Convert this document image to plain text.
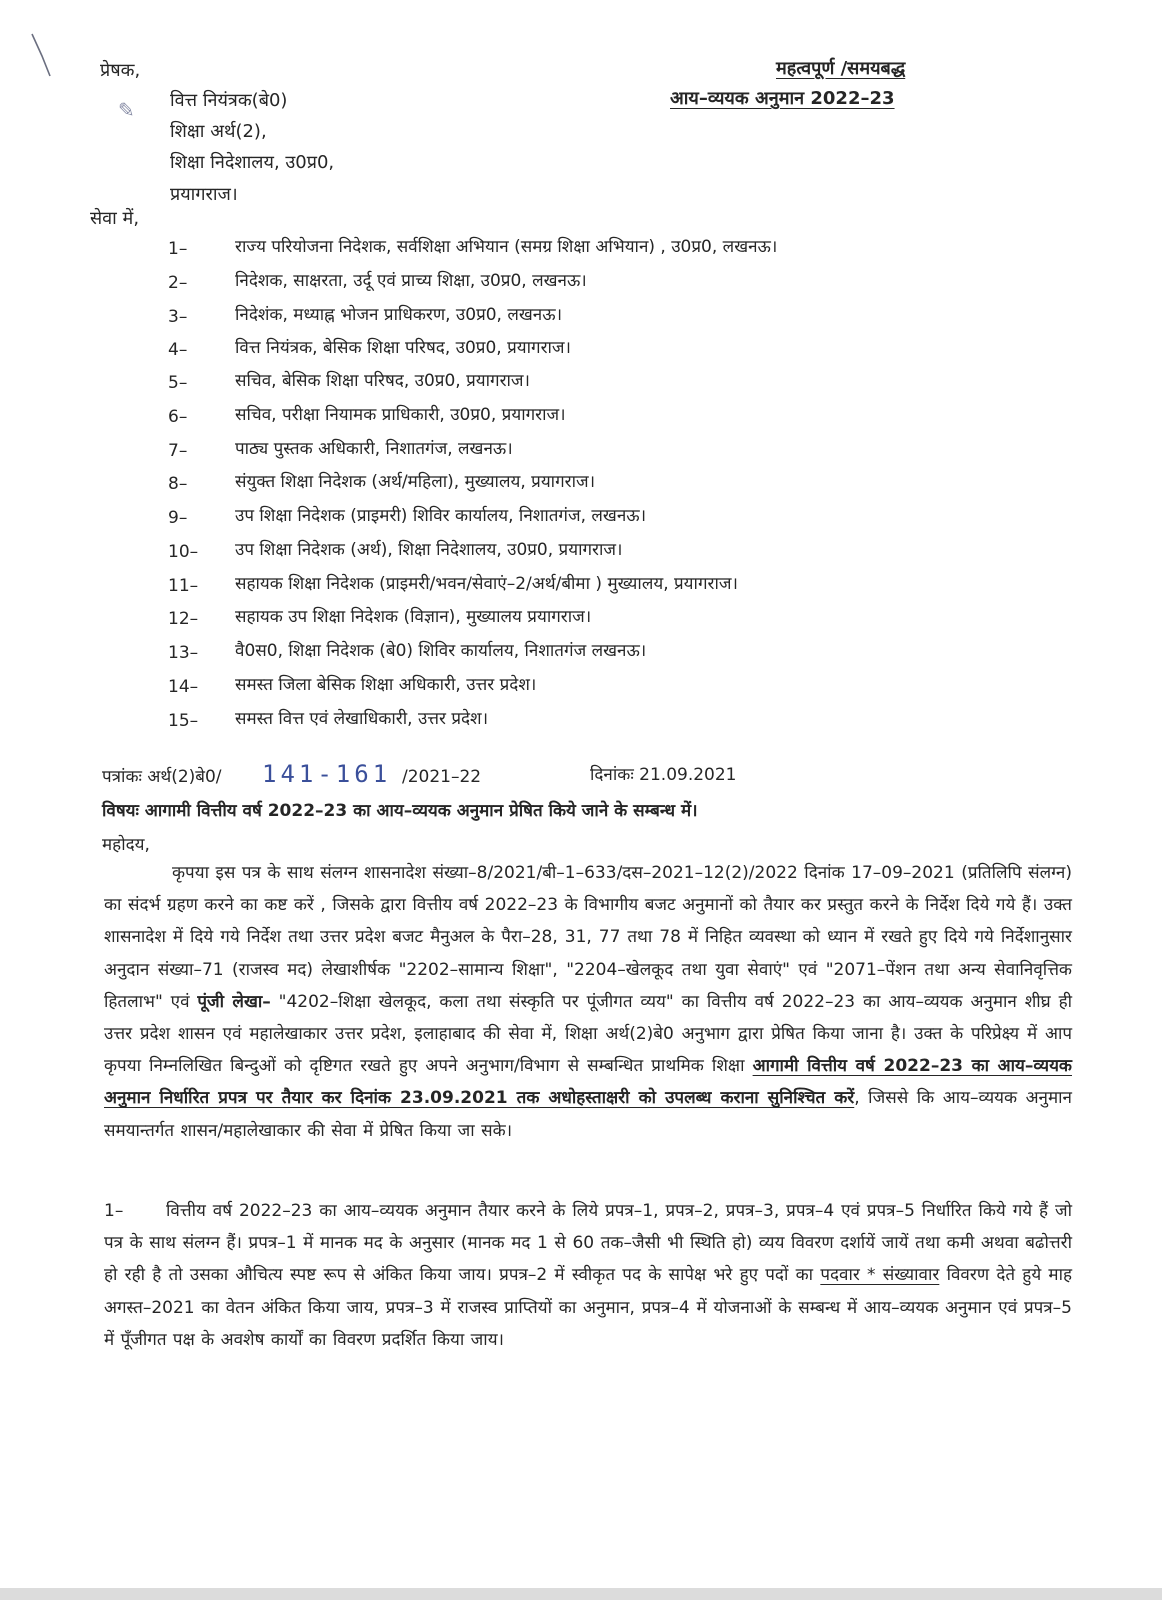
✎
प्रेषक,	महत्वपूर्ण /समयबद्ध
आय–व्ययक अनुमान 2022–23
वित्त नियंत्रक(बे0)
शिक्षा अर्थ(2),
शिक्षा निदेशालय, उ0प्र0,
प्रयागराज।
सेवा में,
1–	राज्य परियोजना निदेशक, सर्वशिक्षा अभियान (समग्र शिक्षा अभियान) , उ0प्र0, लखनऊ।
2–	निदेशक, साक्षरता, उर्दू एवं प्राच्य शिक्षा, उ0प्र0, लखनऊ।
3–	निदेशंक, मध्याह्न भोजन प्राधिकरण, उ0प्र0, लखनऊ।
4–	वित्त नियंत्रक, बेसिक शिक्षा परिषद, उ0प्र0, प्रयागराज।
5–	सचिव, बेसिक शिक्षा परिषद, उ0प्र0, प्रयागराज।
6–	सचिव, परीक्षा नियामक प्राधिकारी, उ0प्र0, प्रयागराज।
7–	पाठ्य पुस्तक अधिकारी, निशातगंज, लखनऊ।
8–	संयुक्त शिक्षा निदेशक (अर्थ/महिला), मुख्यालय, प्रयागराज।
9–	उप शिक्षा निदेशक (प्राइमरी) शिविर कार्यालय, निशातगंज, लखनऊ।
10– उप शिक्षा निदेशक (अर्थ), शिक्षा निदेशालय, उ0प्र0, प्रयागराज।
11– सहायक शिक्षा निदेशक (प्राइमरी/भवन/सेवाएं–2/अर्थ/बीमा ) मुख्यालय, प्रयागराज।
12– सहायक उप शिक्षा निदेशक (विज्ञान), मुख्यालय प्रयागराज।
13– वै0स0, शिक्षा निदेशक (बे0) शिविर कार्यालय, निशातगंज लखनऊ।
14– समस्त जिला बेसिक शिक्षा अधिकारी, उत्तर प्रदेश।
15– समस्त वित्त एवं लेखाधिकारी, उत्तर प्रदेश।
पत्रांकः अर्थ(2)बे0/ 141-161 /2021–22	दिनांकः 21.09.2021
विषयः आगामी वित्तीय वर्ष 2022–23 का आय–व्ययक अनुमान प्रेषित किये जाने के सम्बन्ध में।
महोदय,

कृपया इस पत्र के साथ संलग्न शासनादेश संख्या–8/2021/बी–1–633/दस–2021–12(2)/2022 दिनांक 17–09–2021 (प्रतिलिपि संलग्न) का संदर्भ ग्रहण करने का कष्ट करें , जिसके द्वारा वित्तीय वर्ष 2022–23 के विभागीय बजट अनुमानों को तैयार कर प्रस्तुत करने के निर्देश दिये गये हैं। उक्त शासनादेश में दिये गये निर्देश तथा उत्तर प्रदेश बजट मैनुअल के पैरा–28, 31, 77 तथा 78 में निहित व्यवस्था को ध्यान में रखते हुए दिये गये निर्देशानुसार अनुदान संख्या–71 (राजस्व मद) लेखाशीर्षक "2202–सामान्य शिक्षा", "2204–खेलकूद तथा युवा सेवाएं" एवं "2071–पेंशन तथा अन्य सेवानिवृत्तिक हितलाभ" एवं पूंजी लेखा– "4202–शिक्षा खेलकूद, कला तथा संस्कृति पर पूंजीगत व्यय" का वित्तीय वर्ष 2022–23 का आय–व्ययक अनुमान शीघ्र ही उत्तर प्रदेश शासन एवं महालेखाकार उत्तर प्रदेश, इलाहाबाद की सेवा में, शिक्षा अर्थ(2)बे0 अनुभाग द्वारा प्रेषित किया जाना है। उक्त के परिप्रेक्ष्य में आप कृपया निम्नलिखित बिन्दुओं को दृष्टिगत रखते हुए अपने अनुभाग/विभाग से सम्बन्धित प्राथमिक शिक्षा आगामी वित्तीय वर्ष 2022–23 का आय–व्ययक अनुमान निर्धारित प्रपत्र पर तैयार कर दिनांक 23.09.2021 तक अधोहस्ताक्षरी को उपलब्ध कराना सुनिश्चित करें, जिससे कि आय–व्ययक अनुमान समयान्तर्गत शासन/महालेखाकार की सेवा में प्रेषित किया जा सके।

1–	वित्तीय वर्ष 2022–23 का आय–व्ययक अनुमान तैयार करने के लिये प्रपत्र–1, प्रपत्र–2, प्रपत्र–3, प्रपत्र–4 एवं प्रपत्र–5 निर्धारित किये गये हैं जो पत्र के साथ संलग्न हैं। प्रपत्र–1 में मानक मद के अनुसार (मानक मद 1 से 60 तक–जैसी भी स्थिति हो) व्यय विवरण दर्शायें जायें तथा कमी अथवा बढोत्तरी हो रही है तो उसका औचित्य स्पष्ट रूप से अंकित किया जाय। प्रपत्र–2 में स्वीकृत पद के सापेक्ष भरे हुए पदों का पदवार * संख्यावार विवरण देते हुये माह अगस्त–2021 का वेतन अंकित किया जाय, प्रपत्र–3 में राजस्व प्राप्तियों का अनुमान, प्रपत्र–4 में योजनाओं के सम्बन्ध में आय–व्ययक अनुमान एवं प्रपत्र–5 में पूँजीगत पक्ष के अवशेष कार्यों का विवरण प्रदर्शित किया जाय।
